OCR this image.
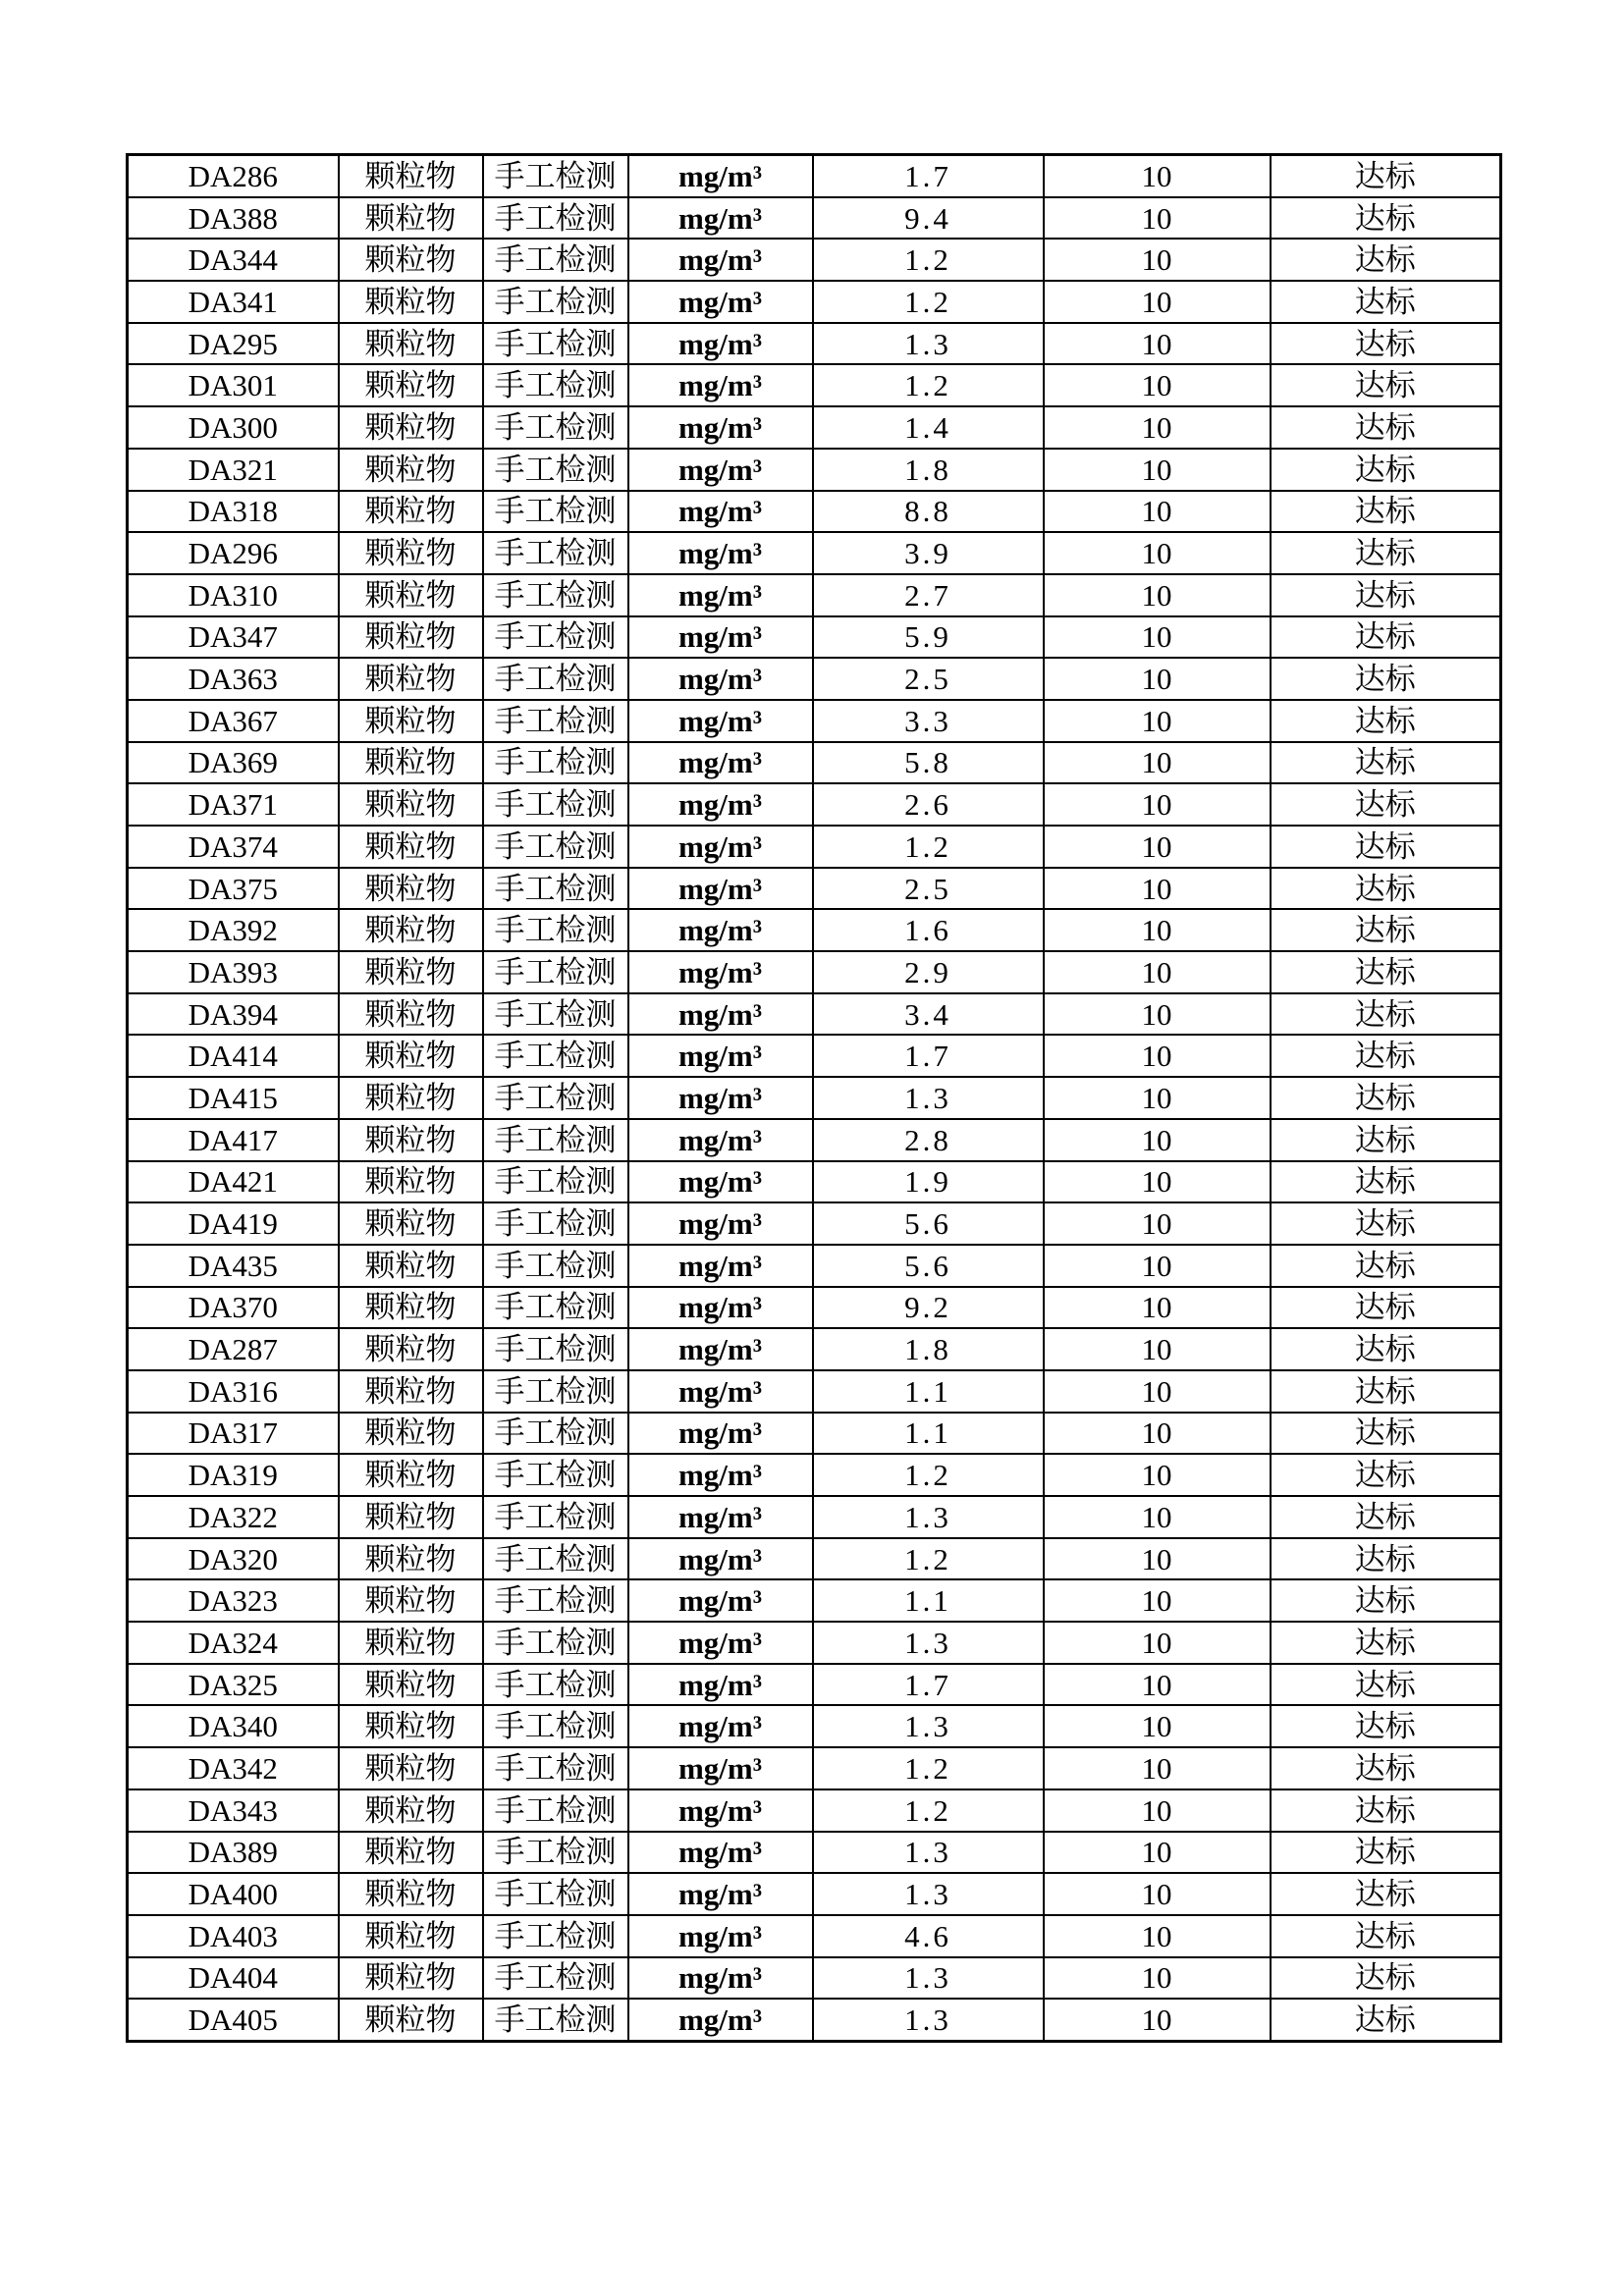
DA286	颗粒物	手工检测	mg/m³	1.7	10	达标
DA388	颗粒物	手工检测	mg/m³	9.4	10	达标
DA344	颗粒物	手工检测	mg/m³	1.2	10	达标
DA341	颗粒物	手工检测	mg/m³	1.2	10	达标
DA295	颗粒物	手工检测	mg/m³	1.3	10	达标
DA301	颗粒物	手工检测	mg/m³	1.2	10	达标
DA300	颗粒物	手工检测	mg/m³	1.4	10	达标
DA321	颗粒物	手工检测	mg/m³	1.8	10	达标
DA318	颗粒物	手工检测	mg/m³	8.8	10	达标
DA296	颗粒物	手工检测	mg/m³	3.9	10	达标
DA310	颗粒物	手工检测	mg/m³	2.7	10	达标
DA347	颗粒物	手工检测	mg/m³	5.9	10	达标
DA363	颗粒物	手工检测	mg/m³	2.5	10	达标
DA367	颗粒物	手工检测	mg/m³	3.3	10	达标
DA369	颗粒物	手工检测	mg/m³	5.8	10	达标
DA371	颗粒物	手工检测	mg/m³	2.6	10	达标
DA374	颗粒物	手工检测	mg/m³	1.2	10	达标
DA375	颗粒物	手工检测	mg/m³	2.5	10	达标
DA392	颗粒物	手工检测	mg/m³	1.6	10	达标
DA393	颗粒物	手工检测	mg/m³	2.9	10	达标
DA394	颗粒物	手工检测	mg/m³	3.4	10	达标
DA414	颗粒物	手工检测	mg/m³	1.7	10	达标
DA415	颗粒物	手工检测	mg/m³	1.3	10	达标
DA417	颗粒物	手工检测	mg/m³	2.8	10	达标
DA421	颗粒物	手工检测	mg/m³	1.9	10	达标
DA419	颗粒物	手工检测	mg/m³	5.6	10	达标
DA435	颗粒物	手工检测	mg/m³	5.6	10	达标
DA370	颗粒物	手工检测	mg/m³	9.2	10	达标
DA287	颗粒物	手工检测	mg/m³	1.8	10	达标
DA316	颗粒物	手工检测	mg/m³	1.1	10	达标
DA317	颗粒物	手工检测	mg/m³	1.1	10	达标
DA319	颗粒物	手工检测	mg/m³	1.2	10	达标
DA322	颗粒物	手工检测	mg/m³	1.3	10	达标
DA320	颗粒物	手工检测	mg/m³	1.2	10	达标
DA323	颗粒物	手工检测	mg/m³	1.1	10	达标
DA324	颗粒物	手工检测	mg/m³	1.3	10	达标
DA325	颗粒物	手工检测	mg/m³	1.7	10	达标
DA340	颗粒物	手工检测	mg/m³	1.3	10	达标
DA342	颗粒物	手工检测	mg/m³	1.2	10	达标
DA343	颗粒物	手工检测	mg/m³	1.2	10	达标
DA389	颗粒物	手工检测	mg/m³	1.3	10	达标
DA400	颗粒物	手工检测	mg/m³	1.3	10	达标
DA403	颗粒物	手工检测	mg/m³	4.6	10	达标
DA404	颗粒物	手工检测	mg/m³	1.3	10	达标
DA405	颗粒物	手工检测	mg/m³	1.3	10	达标
